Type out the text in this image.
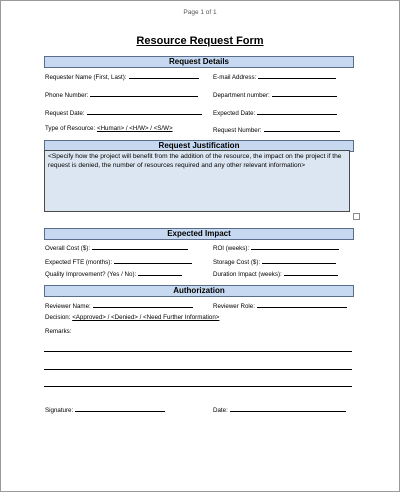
Page 1 of 1
Resource Request Form
Request Details
Requester Name (First, Last):	E-mail Address:
Phone Number:	Department number:
Request Date:	Expected Date:
Type of Resource: <Human> / <H/W> / <S/W>	Request Number:
Request Justification
<Specify how the project will benefit from the addition of the resource, the impact on the project if the request is denied, the number of resources required and any other relevant information>
Expected Impact
Overall Cost ($):	ROI (weeks):
Expected FTE (months):	Storage Cost ($):
Quality Improvement? (Yes / No):	Duration Impact (weeks):
Authorization
Reviewer Name:	Reviewer Role:
Decision: <Approved> / <Denied> / <Need Further Information>
Remarks:
Signature:	Date:
